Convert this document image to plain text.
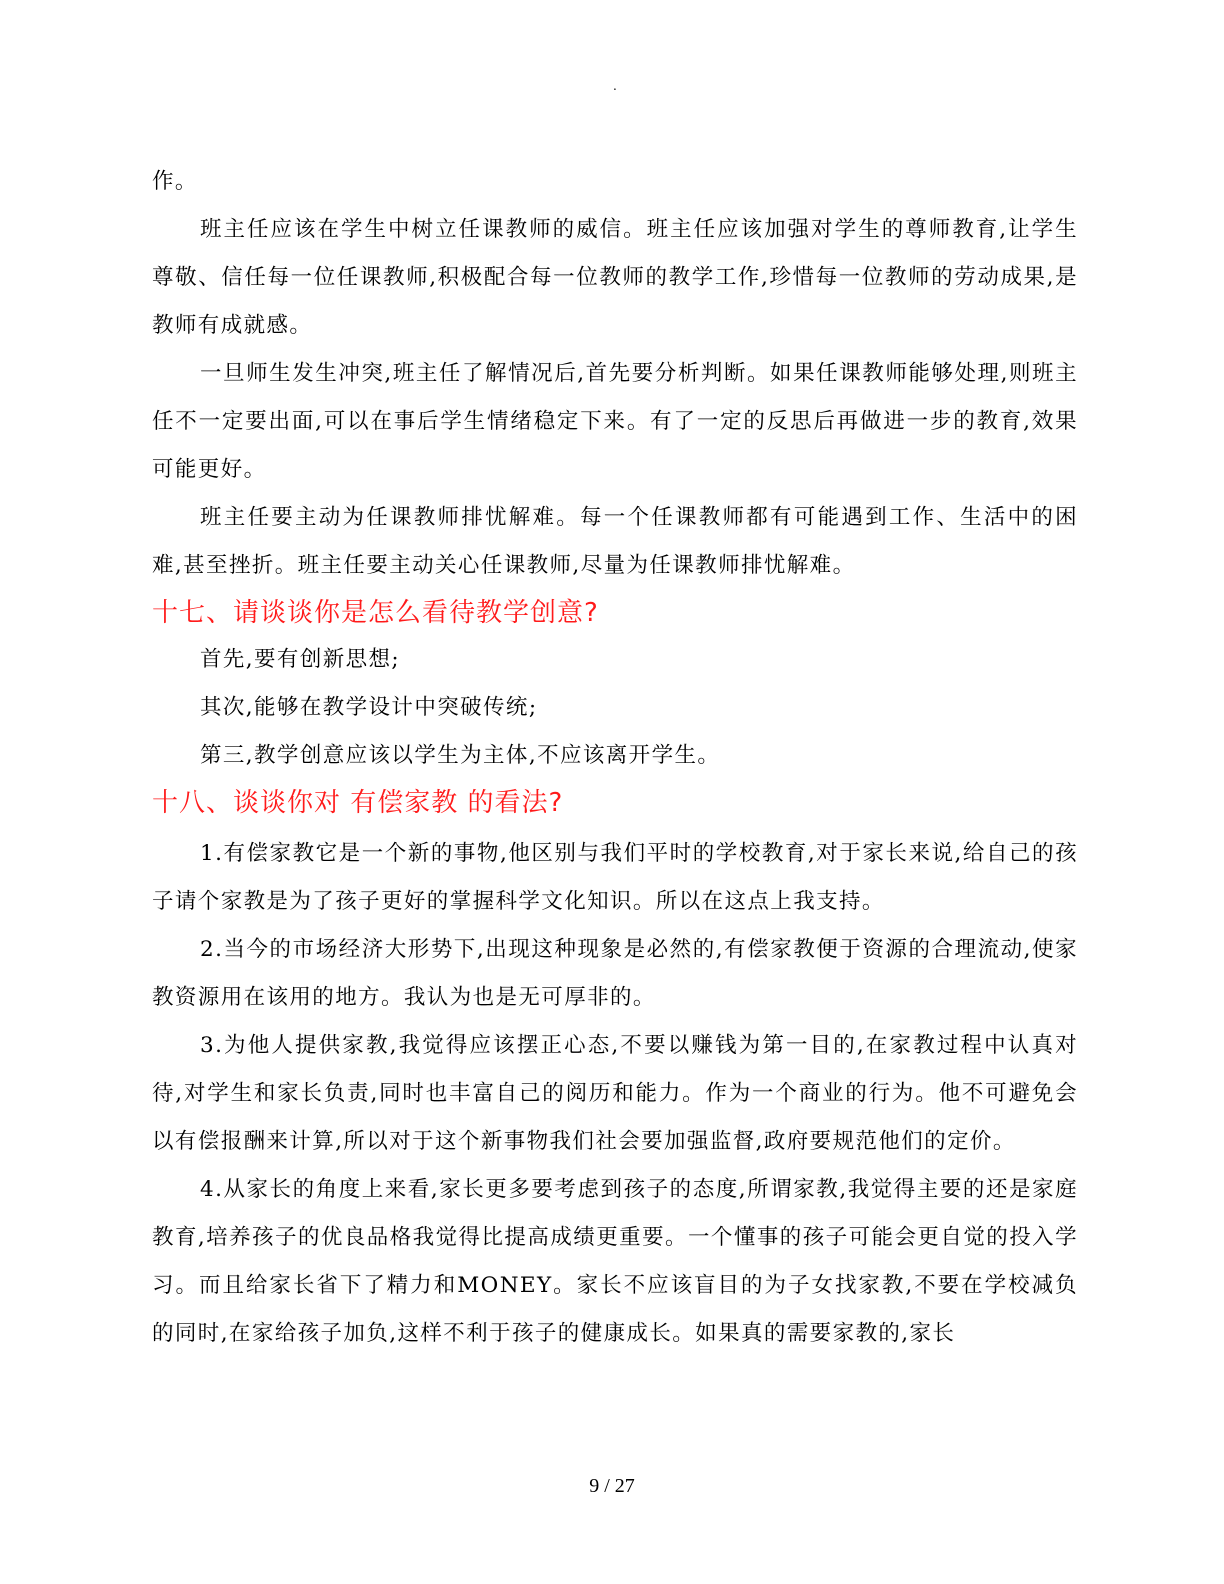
.

作。

班主任应该在学生中树立任课教师的威信。班主任应该加强对学生的尊师教育,让学生尊敬、信任每一位任课教师,积极配合每一位教师的教学工作,珍惜每一位教师的劳动成果,是教师有成就感。

一旦师生发生冲突,班主任了解情况后,首先要分析判断。如果任课教师能够处理,则班主任不一定要出面,可以在事后学生情绪稳定下来。有了一定的反思后再做进一步的教育,效果可能更好。

班主任要主动为任课教师排忧解难。每一个任课教师都有可能遇到工作、生活中的困难,甚至挫折。班主任要主动关心任课教师,尽量为任课教师排忧解难。

十七、请谈谈你是怎么看待教学创意?

首先,要有创新思想;

其次,能够在教学设计中突破传统;

第三,教学创意应该以学生为主体,不应该离开学生。

十八、谈谈你对 有偿家教 的看法?

1.有偿家教它是一个新的事物,他区别与我们平时的学校教育,对于家长来说,给自己的孩子请个家教是为了孩子更好的掌握科学文化知识。所以在这点上我支持。

2.当今的市场经济大形势下,出现这种现象是必然的,有偿家教便于资源的合理流动,使家教资源用在该用的地方。我认为也是无可厚非的。

3.为他人提供家教,我觉得应该摆正心态,不要以赚钱为第一目的,在家教过程中认真对待,对学生和家长负责,同时也丰富自己的阅历和能力。作为一个商业的行为。他不可避免会以有偿报酬来计算,所以对于这个新事物我们社会要加强监督,政府要规范他们的定价。

4.从家长的角度上来看,家长更多要考虑到孩子的态度,所谓家教,我觉得主要的还是家庭教育,培养孩子的优良品格我觉得比提高成绩更重要。一个懂事的孩子可能会更自觉的投入学习。而且给家长省下了精力和MONEY。家长不应该盲目的为子女找家教,不要在学校减负的同时,在家给孩子加负,这样不利于孩子的健康成长。如果真的需要家教的,家长

9 / 27
